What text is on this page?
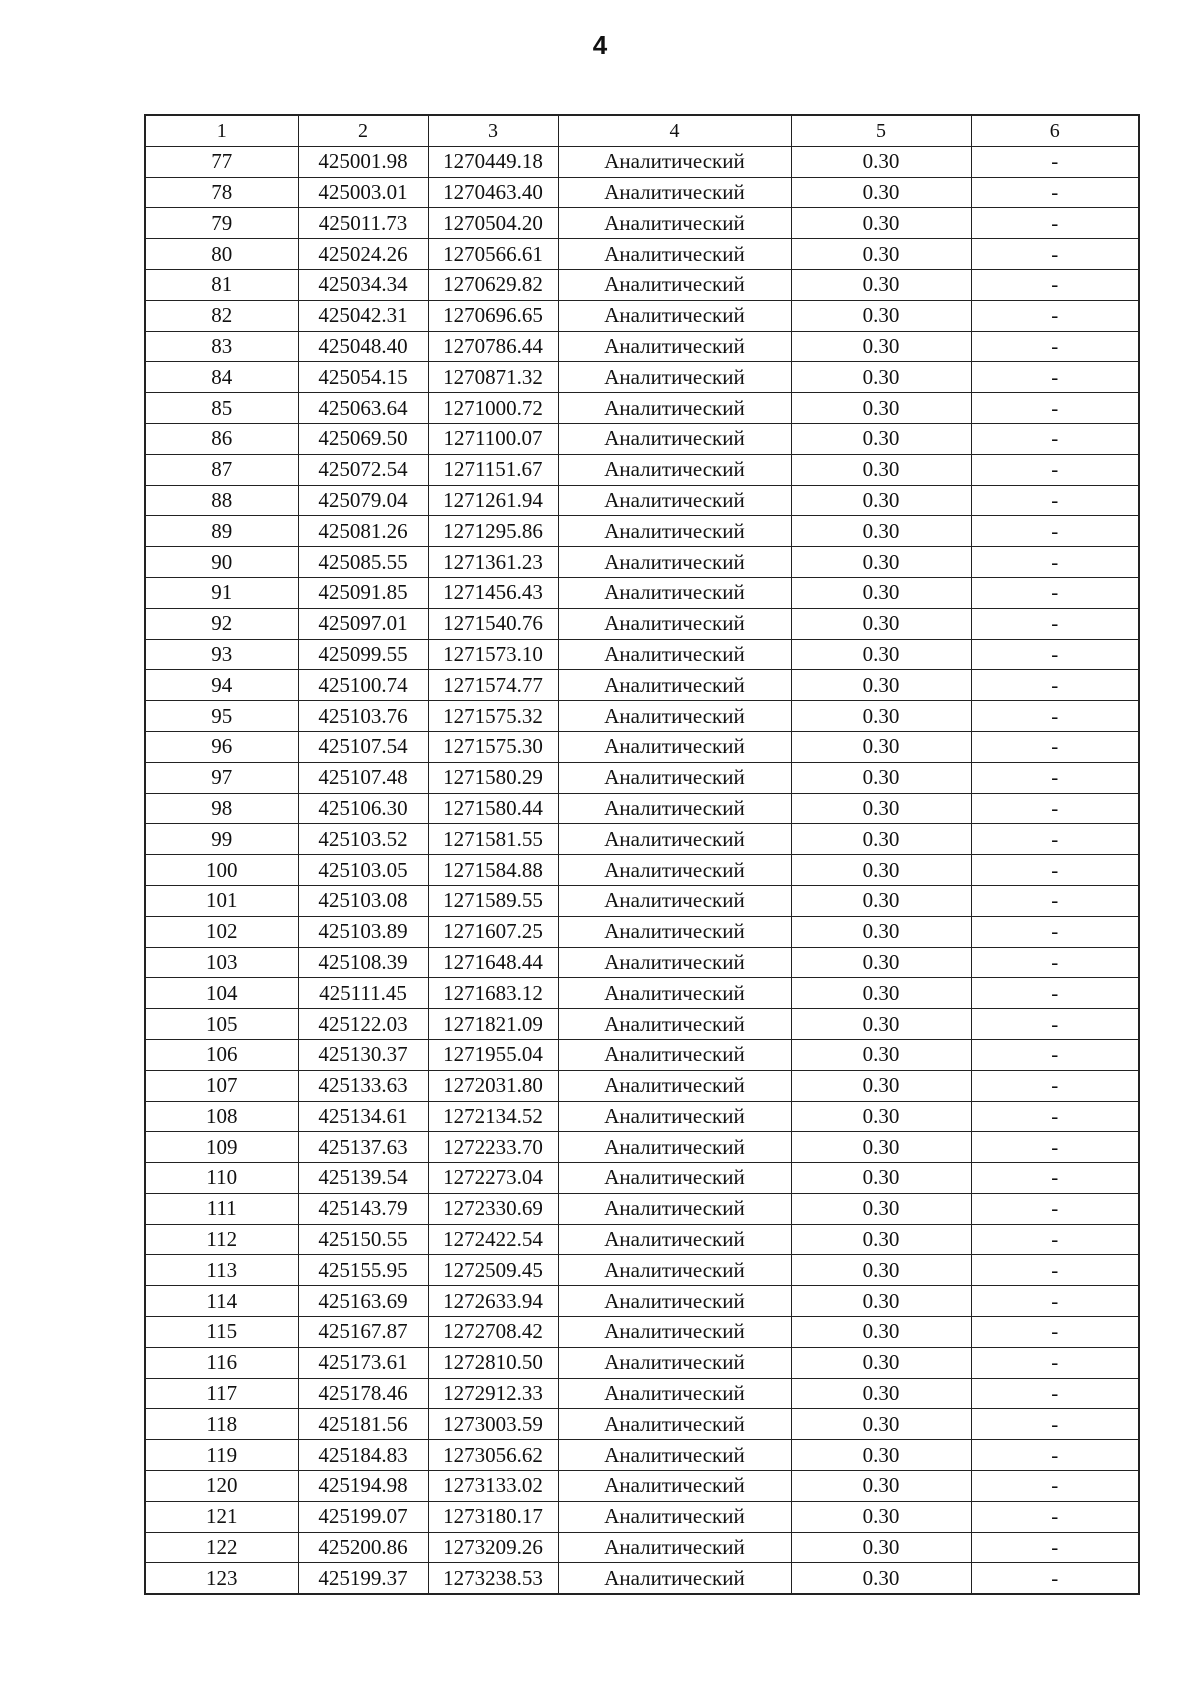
4
1	2	3	4	5	6
77	425001.98	1270449.18	Аналитический	0.30	-
78	425003.01	1270463.40	Аналитический	0.30	-
79	425011.73	1270504.20	Аналитический	0.30	-
80	425024.26	1270566.61	Аналитический	0.30	-
81	425034.34	1270629.82	Аналитический	0.30	-
82	425042.31	1270696.65	Аналитический	0.30	-
83	425048.40	1270786.44	Аналитический	0.30	-
84	425054.15	1270871.32	Аналитический	0.30	-
85	425063.64	1271000.72	Аналитический	0.30	-
86	425069.50	1271100.07	Аналитический	0.30	-
87	425072.54	1271151.67	Аналитический	0.30	-
88	425079.04	1271261.94	Аналитический	0.30	-
89	425081.26	1271295.86	Аналитический	0.30	-
90	425085.55	1271361.23	Аналитический	0.30	-
91	425091.85	1271456.43	Аналитический	0.30	-
92	425097.01	1271540.76	Аналитический	0.30	-
93	425099.55	1271573.10	Аналитический	0.30	-
94	425100.74	1271574.77	Аналитический	0.30	-
95	425103.76	1271575.32	Аналитический	0.30	-
96	425107.54	1271575.30	Аналитический	0.30	-
97	425107.48	1271580.29	Аналитический	0.30	-
98	425106.30	1271580.44	Аналитический	0.30	-
99	425103.52	1271581.55	Аналитический	0.30	-
100	425103.05	1271584.88	Аналитический	0.30	-
101	425103.08	1271589.55	Аналитический	0.30	-
102	425103.89	1271607.25	Аналитический	0.30	-
103	425108.39	1271648.44	Аналитический	0.30	-
104	425111.45	1271683.12	Аналитический	0.30	-
105	425122.03	1271821.09	Аналитический	0.30	-
106	425130.37	1271955.04	Аналитический	0.30	-
107	425133.63	1272031.80	Аналитический	0.30	-
108	425134.61	1272134.52	Аналитический	0.30	-
109	425137.63	1272233.70	Аналитический	0.30	-
110	425139.54	1272273.04	Аналитический	0.30	-
111	425143.79	1272330.69	Аналитический	0.30	-
112	425150.55	1272422.54	Аналитический	0.30	-
113	425155.95	1272509.45	Аналитический	0.30	-
114	425163.69	1272633.94	Аналитический	0.30	-
115	425167.87	1272708.42	Аналитический	0.30	-
116	425173.61	1272810.50	Аналитический	0.30	-
117	425178.46	1272912.33	Аналитический	0.30	-
118	425181.56	1273003.59	Аналитический	0.30	-
119	425184.83	1273056.62	Аналитический	0.30	-
120	425194.98	1273133.02	Аналитический	0.30	-
121	425199.07	1273180.17	Аналитический	0.30	-
122	425200.86	1273209.26	Аналитический	0.30	-
123	425199.37	1273238.53	Аналитический	0.30	-
